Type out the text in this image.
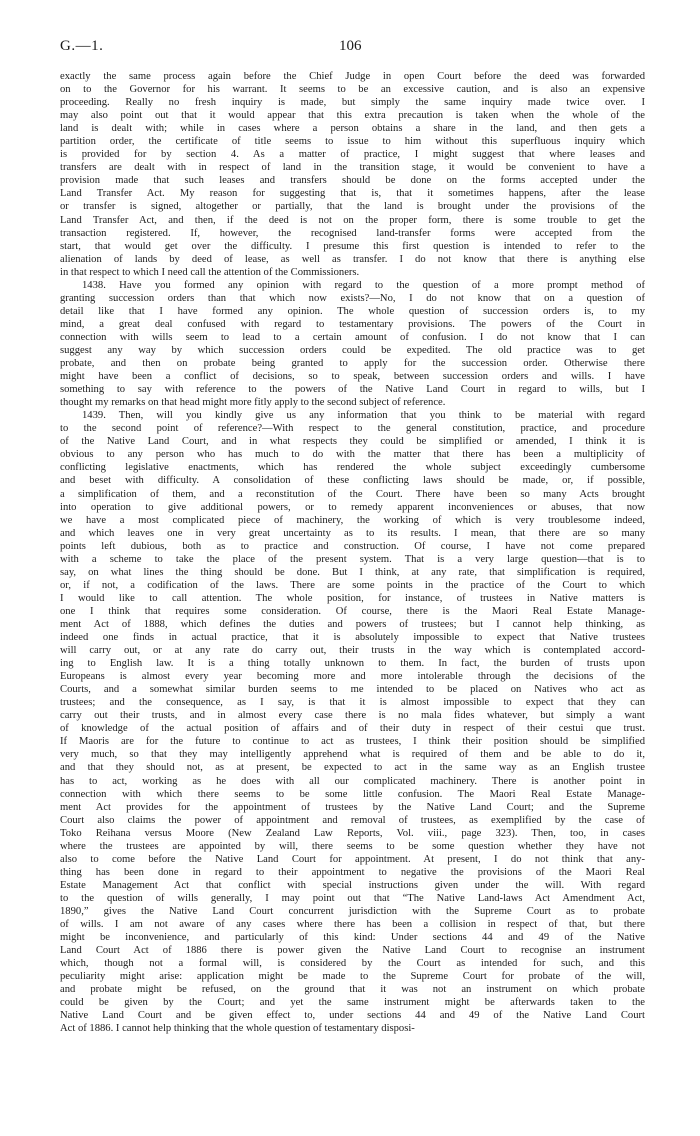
G.—1.	106
exactly the same process again before the Chief Judge in open Court before the deed was forwarded
on to the Governor for his warrant. It seems to be an excessive caution, and is also an expensive
proceeding. Really no fresh inquiry is made, but simply the same inquiry made twice over. I
may also point out that it would appear that this extra precaution is taken when the whole of the
land is dealt with; while in cases where a person obtains a share in the land, and then gets a
partition order, the certificate of title seems to issue to him without this superfluous inquiry which
is provided for by section 4. As a matter of practice, I might suggest that where leases and
transfers are dealt with in respect of land in the transition stage, it would be convenient to have a
provision made that such leases and transfers should be done on the forms accepted under the
Land Transfer Act. My reason for suggesting that is, that it sometimes happens, after the lease
or transfer is signed, altogether or partially, that the land is brought under the provisions of the
Land Transfer Act, and then, if the deed is not on the proper form, there is some trouble to get the
transaction registered. If, however, the recognised land-transfer forms were accepted from the
start, that would get over the difficulty. I presume this first question is intended to refer to the
alienation of lands by deed of lease, as well as transfer. I do not know that there is anything else
in that respect to which I need call the attention of the Commissioners.
1438. Have you formed any opinion with regard to the question of a more prompt method of
granting succession orders than that which now exists?—No, I do not know that on a question of
detail like that I have formed any opinion. The whole question of succession orders is, to my
mind, a great deal confused with regard to testamentary provisions. The powers of the Court in
connection with wills seem to lead to a certain amount of confusion. I do not know that I can
suggest any way by which succession orders could be expedited. The old practice was to get
probate, and then on probate being granted to apply for the succession order. Otherwise there
might have been a conflict of decisions, so to speak, between succession orders and wills. I have
something to say with reference to the powers of the Native Land Court in regard to wills, but I
thought my remarks on that head might more fitly apply to the second subject of reference.
1439. Then, will you kindly give us any information that you think to be material with regard
to the second point of reference?—With respect to the general constitution, practice, and procedure
of the Native Land Court, and in what respects they could be simplified or amended, I think it is
obvious to any person who has much to do with the matter that there has been a multiplicity of
conflicting legislative enactments, which has rendered the whole subject exceedingly cumbersome
and beset with difficulty. A consolidation of these conflicting laws should be made, or, if possible,
a simplification of them, and a reconstitution of the Court. There have been so many Acts brought
into operation to give additional powers, or to remedy apparent inconveniences or abuses, that now
we have a most complicated piece of machinery, the working of which is very troublesome indeed,
and which leaves one in very great uncertainty as to its results. I mean, that there are so many
points left dubious, both as to practice and construction. Of course, I have not come prepared
with a scheme to take the place of the present system. That is a very large question—that is to
say, on what lines the thing should be done. But I think, at any rate, that simplification is required,
or, if not, a codification of the laws. There are some points in the practice of the Court to which
I would like to call attention. The whole position, for instance, of trustees in Native matters is
one I think that requires some consideration. Of course, there is the Maori Real Estate Manage-
ment Act of 1888, which defines the duties and powers of trustees; but I cannot help thinking, as
indeed one finds in actual practice, that it is absolutely impossible to expect that Native trustees
will carry out, or at any rate do carry out, their trusts in the way which is contemplated accord-
ing to English law. It is a thing totally unknown to them. In fact, the burden of trusts upon
Europeans is almost every year becoming more and more intolerable through the decisions of the
Courts, and a somewhat similar burden seems to me intended to be placed on Natives who act as
trustees; and the consequence, as I say, is that it is almost impossible to expect that they can
carry out their trusts, and in almost every case there is no mala fides whatever, but simply a want
of knowledge of the actual position of affairs and of their duty in respect of their cestui que trust.
If Maoris are for the future to continue to act as trustees, I think their position should be simplified
very much, so that they may intelligently apprehend what is required of them and be able to do it,
and that they should not, as at present, be expected to act in the same way as an English trustee
has to act, working as he does with all our complicated machinery. There is another point in
connection with which there seems to be some little confusion. The Maori Real Estate Manage-
ment Act provides for the appointment of trustees by the Native Land Court; and the Supreme
Court also claims the power of appointment and removal of trustees, as exemplified by the case of
Toko Reihana versus Moore (New Zealand Law Reports, Vol. viii., page 323). Then, too, in cases
where the trustees are appointed by will, there seems to be some question whether they have not
also to come before the Native Land Court for appointment. At present, I do not think that any-
thing has been done in regard to their appointment to negative the provisions of the Maori Real
Estate Management Act that conflict with special instructions given under the will. With regard
to the question of wills generally, I may point out that “The Native Land-laws Act Amendment Act,
1890,” gives the Native Land Court concurrent jurisdiction with the Supreme Court as to probate
of wills. I am not aware of any cases where there has been a collision in respect of that, but there
might be inconvenience, and particularly of this kind: Under sections 44 and 49 of the Native
Land Court Act of 1886 there is power given the Native Land Court to recognise an instrument
which, though not a formal will, is considered by the Court as intended for such, and this
peculiarity might arise: application might be made to the Supreme Court for probate of the will,
and probate might be refused, on the ground that it was not an instrument on which probate
could be given by the Court; and yet the same instrument might be afterwards taken to the
Native Land Court and be given effect to, under sections 44 and 49 of the Native Land Court
Act of 1886. I cannot help thinking that the whole question of testamentary disposi-
